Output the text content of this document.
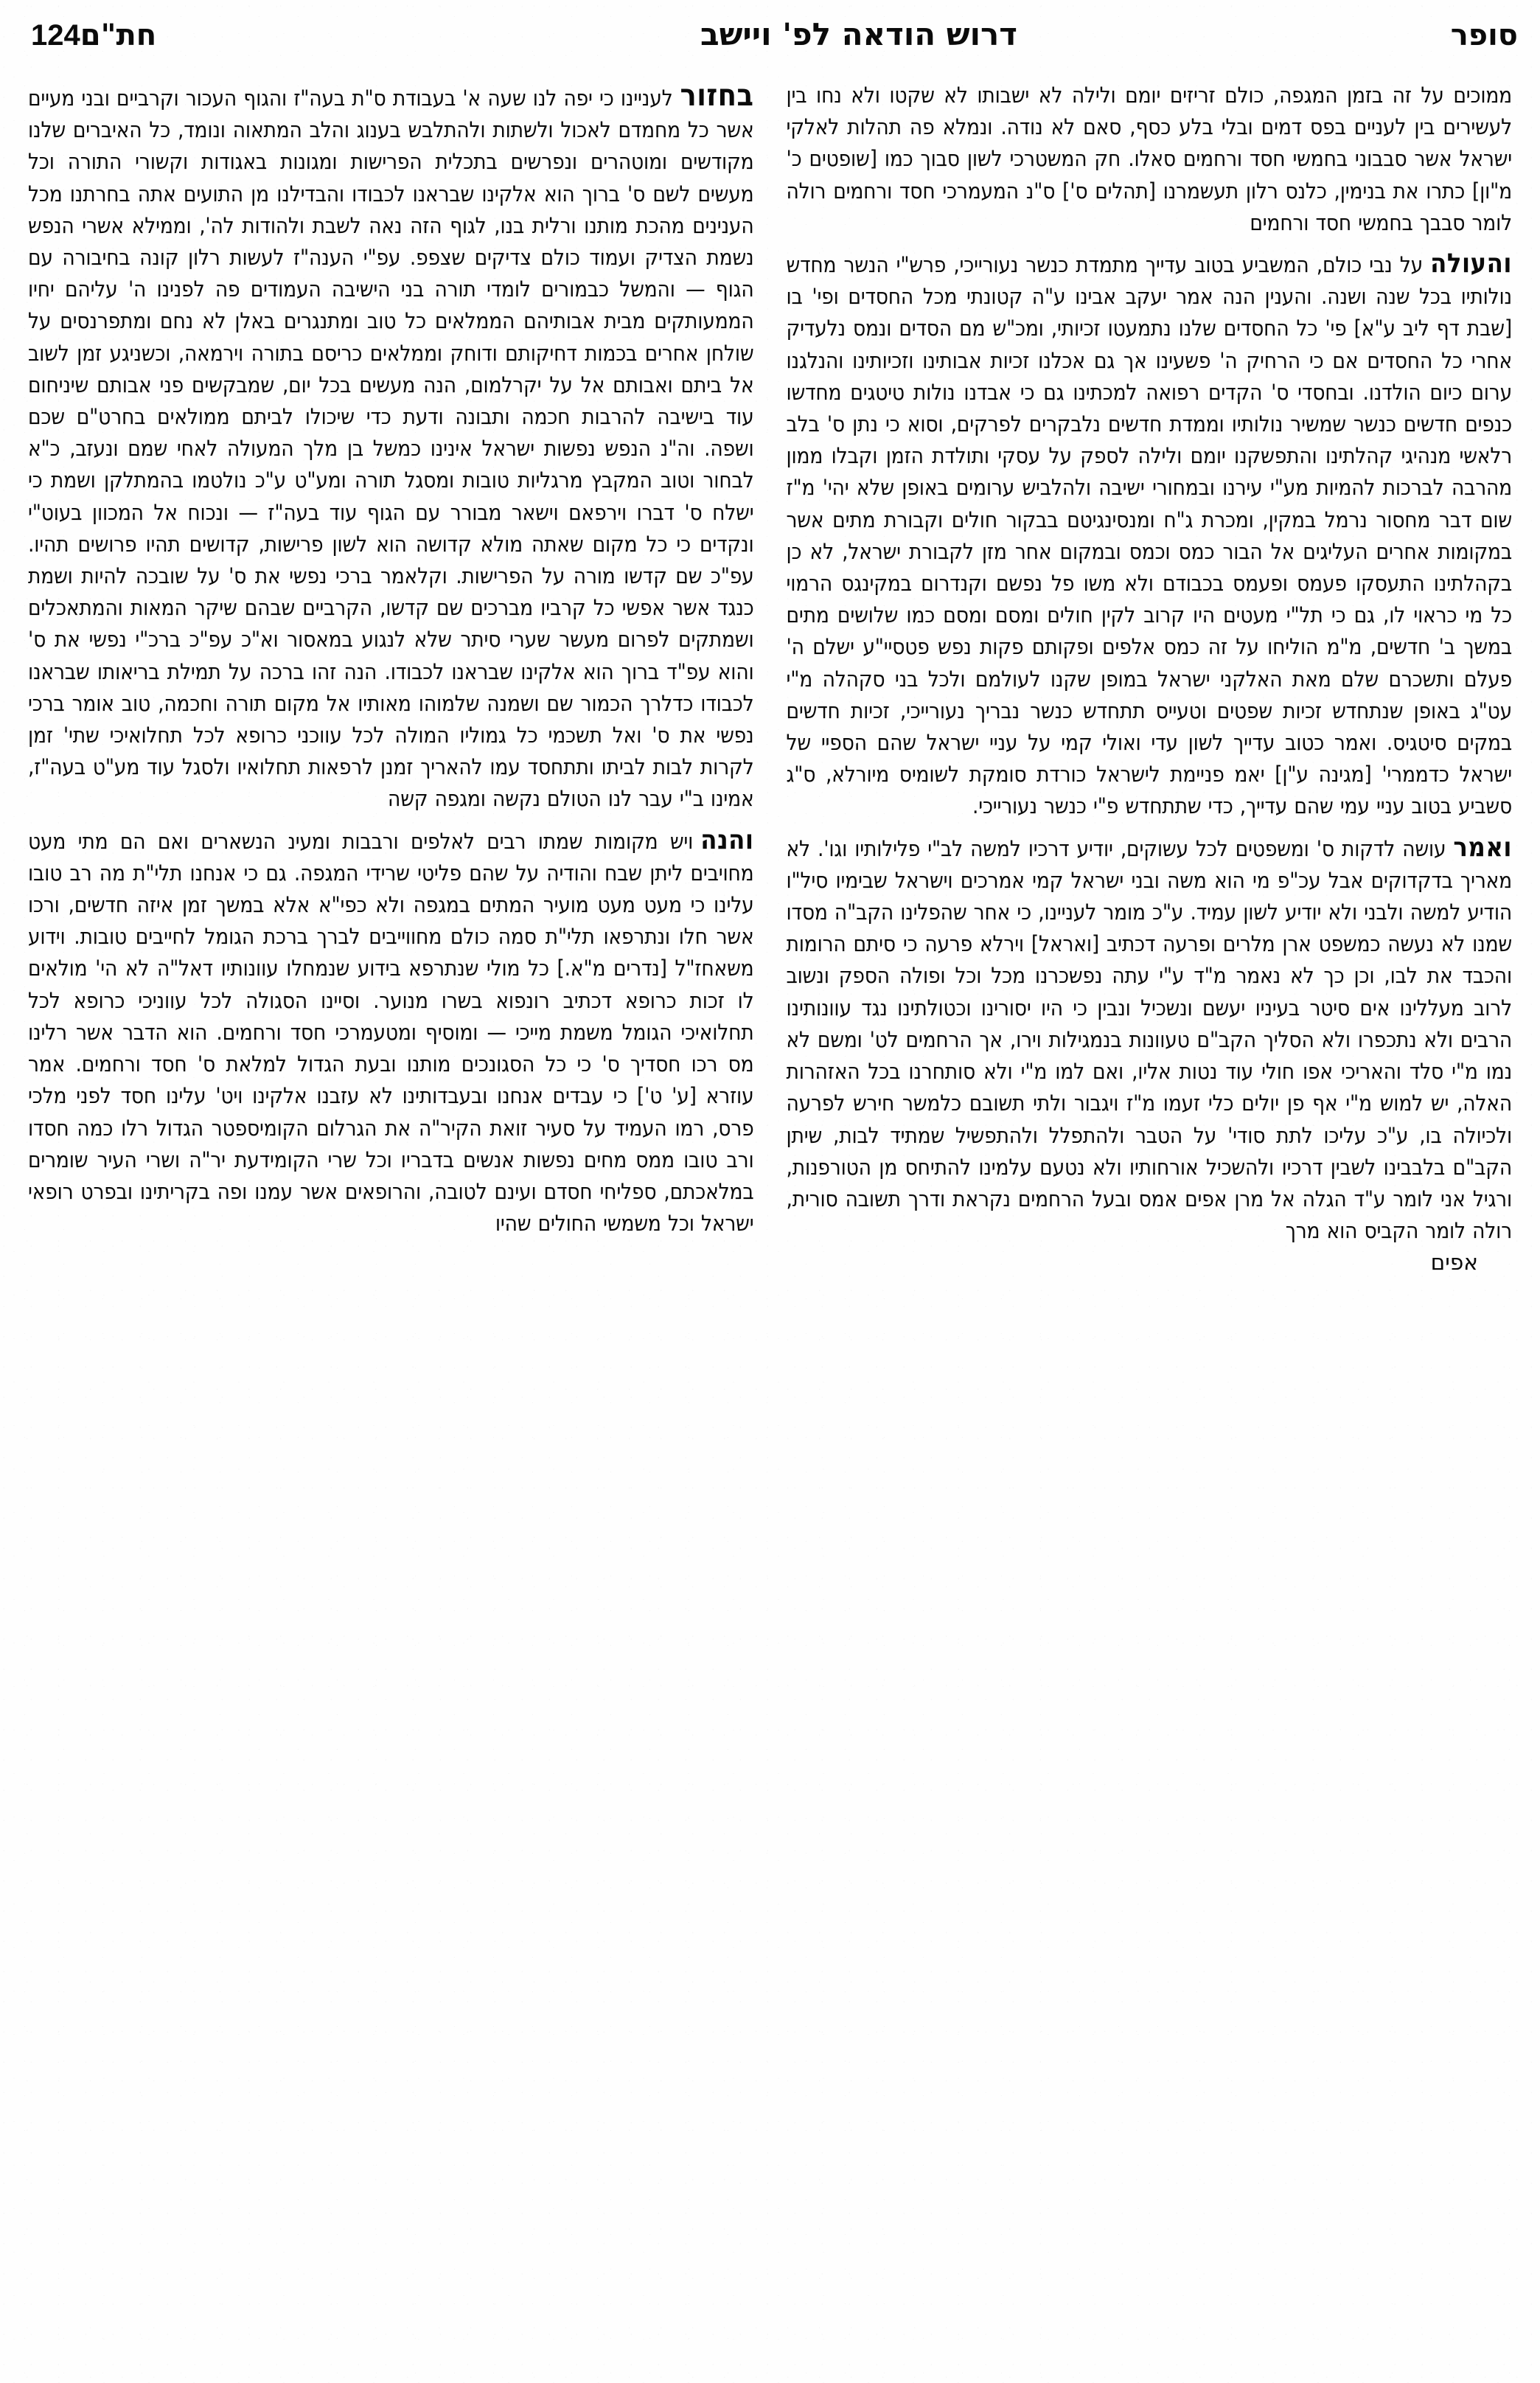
124 חת"ם	דרוש הודאה לפ' ויישב	סופר

בחזורלעניינו כי יפה לנו שעה א' בעבודת ס"ת בעה"ז והגוף העכור וקרביים ובני מעיים אשר כל מחמדם לאכול ולשתות ולהתלבש בענוג והלב המתאוה ונומד, כל האיברים שלנו מקודשים ומוטהרים ונפרשים בתכלית הפרישות ומגונות באגודות וקשורי התורה וכל מעשים לשם ס' ברוך הוא אלקינו שבראנו לכבודו והבדילנו מן התועים אתה בחרתנו מכל הענינים מהכת מותנו ורלית בנו, לגוף הזה נאה לשבת ולהודות לה', וממילא אשרי הנפש נשמת הצדיק ועמוד כולם צדיקים שצפפ. עפ"י הענה"ז לעשות רלון קונה בחיבורה עם הגוף — והמשל כבמורים לומדי תורה בני הישיבה העמודים פה לפנינו ה' עליהם יחיו הממעותקים מבית אבותיהם הממלאים כל טוב ומתנגרים באלן לא נחם ומתפרנסים על שולחן אחרים בכמות דחיקותם ודוחק וממלאים כריסם בתורה וירמאה, וכשניגע זמן לשוב אל ביתם ואבותם אל על יקרלמום, הנה מעשים בכל יום, שמבקשים פני אבותם שיניחום עוד בישיבה להרבות חכמה ותבונה ודעת כדי שיכולו לביתם ממולאים בחרט"ם שכם ושפה. וה"נ הנפש נפשות ישראל אינינו כמשל בן מלך המעולה לאחי שמם ונעזב, כ"א לבחור וטוב המקבץ מרגליות טובות ומסגל תורה ומע"ט ע"כ נולטמו בהמתלקן ושמת כי ישלח ס' דברו וירפאם וישאר מבורר עם הגוף עוד בעה"ז — ונכוח אל המכוון בעוט"י ונקדים כי כל מקום שאתה מולא קדושה הוא לשון פרישות, קדושים תהיו פרושים תהיו. עפ"כ שם קדשו מורה על הפרישות. וקלאמר ברכי נפשי את ס' על שובכה להיות ושמת כנגד אשר אפשי כל קרביו מברכים שם קדשו, הקרביים שבהם שיקר המאות והמתאכלים ושמתקים לפרום מעשר שערי סיתר שלא לנגוע במאסור וא"כ עפ"כ ברכ"י נפשי את ס' והוא עפ"ד ברוך הוא אלקינו שבראנו לכבודו. הנה זהו ברכה על תמילת בריאותו שבראנו לכבודו כדלרך הכמור שם ושמנה שלמוהו מאותיו אל מקום תורה וחכמה, טוב אומר ברכי נפשי את ס' ואל תשכמי כל גמוליו המולה לכל עווכני כרופא לכל תחלואיכי שתי' זמן לקרות לבות לביתו ותתחסד עמו להאריך זמנן לרפאות תחלואיו ולסגל עוד מע"ט בעה"ז, אמינו ב"י עבר לנו הטולם נקשה ומגפה קשה

והנהויש מקומות שמתו רבים לאלפים ורבבות ומעינ הנשארים ואם הם מתי מעט מחויבים ליתן שבח והודיה על שהם פליטי שרידי המגפה. גם כי אנחנו תלי"ת מה רב טובו עלינו כי מעט מעט מועיר המתים במגפה ולא כפי"א אלא במשך זמן איזה חדשים, ורכו אשר חלו ונתרפאו תלי"ת סמה כולם מחווייבים לברך ברכת הגומל לחייבים טובות. וידוע משאחז"ל [נדרים מ"א.] כל מולי שנתרפא בידוע שנמחלו עוונותיו דאל"ה לא הי' מולאים לו זכות כרופא דכתיב רונפוא בשרו מנוער. וסיינו הסגולה לכל עווניכי כרופא לכל תחלואיכי הגומל משמת מייכי — ומוסיף ומטעמרכי חסד ורחמים. הוא הדבר אשר רלינו מס רכו חסדיך ס' כי כל הסגונכים מותנו ובעת הגדול למלאת ס' חסד ורחמים. אמר עוזרא [ע' ט'] כי עבדים אנחנו ובעבדותינו לא עזבנו אלקינו ויט' עלינו חסד לפני מלכי פרס, רמו העמיד על סעיר זואת הקיר"ה את הגרלום הקומיספטר הגדול רלו כמה חסדו ורב טובו ממס מחים נפשות אנשים בדבריו וכל שרי הקומידעת יר"ה ושרי העיר שומרים במלאכתם, ספליחי חסדם ועינם לטובה, והרופאים אשר עמנו ופה בקריתינו ובפרט רופאי ישראל וכל משמשי החולים שהיו

ממוכים על זה בזמן המגפה, כולם זריזים יומם ולילה לא ישבותו לא שקטו ולא נחו בין לעשירים בין לעניים בפס דמים ובלי בלע כסף, סאם לא נודה. ונמלא פה תהלות לאלקי ישראל אשר סבבוני בחמשי חסד ורחמים סאלו. חק המשטרכי לשון סבוך כמו [שופטים כ' מ"ון] כתרו את בנימין, כלנס רלון תעשמרנו [תהלים ס'] ס"נ המעמרכי חסד ורחמים רולה לומר סבבך בחמשי חסד ורחמים

והעולהעל נבי כולם, המשביע בטוב עדייך מתמדת כנשר נעורייכי, פרש"י הנשר מחדש נולותיו בכל שנה ושנה. והענין הנה אמר יעקב אבינו ע"ה קטונתי מכל החסדים ופי' בו [שבת דף ליב ע"א] פי' כל החסדים שלנו נתמעטו זכיותי, ומכ"ש מם הסדים ונמס נלעדיק אחרי כל החסדים אם כי הרחיק ה' פשעינו אך גם אכלנו זכיות אבותינו וזכיותינו והנלגנו ערום כיום הולדנו. ובחסדי ס' הקדים רפואה למכתינו גם כי אבדנו נולות טיטגים מחדשו כנפים חדשים כנשר שמשיר נולותיו וממדת חדשים נלבקרים לפרקים, וסוא כי נתן ס' בלב רלאשי מנהיגי קהלתינו והתפשקנו יומם ולילה לספק על עסקי ותולדת הזמן וקבלו ממון מהרבה לברכות להמיות מע"י עירנו ובמחורי ישיבה ולהלביש ערומים באופן שלא יהי' מ"ז שום דבר מחסור נרמל במקין, ומכרת ג"ח ומנסינגיטם בבקור חולים וקבורת מתים אשר במקומות אחרים העליגים אל הבור כמס וכמס ובמקום אחר מזן לקבורת ישראל, לא כן בקהלתינו התעסקו פעמס ופעמס בכבודם ולא משו פל נפשם וקנדרום במקינגס הרמוי כל מי כראוי לו, גם כי תל"י מעטים היו קרוב לקין חולים ומסם ומסם כמו שלושים מתים במשך ב' חדשים, מ"מ הוליחו על זה כמס אלפים ופקותם פקות נפש פטסיי"ע ישלם ה' פעלם ותשכרם שלם מאת האלקני ישראל במופן שקנו לעולמם ולכל בני סקהלה מ"י עט"ג באופן שנתחדש זכיות שפטים וטעייס תתחדש כנשר נבריך נעורייכי, זכיות חדשים במקים סיטגיס. ואמר כטוב עדייך לשון עדי ואולי קמי על עניי ישראל שהם הספיי של ישראל כדממרי' [מגינה ע"ן] יאמ פניימת לישראל כורדת סומקת לשומיס מיורלא, ס"ג סשביע בטוב עניי עמי שהם עדייך, כדי שתתחדש פ"י כנשר נעורייכי.

ואמרעושה לדקות ס' ומשפטים לכל עשוקים, יודיע דרכיו למשה לב"י פלילותיו וגו'. לא מאריך בדקדוקים אבל עכ"פ מי הוא משה ובני ישראל קמי אמרכים וישראל שבימיו סיל"ו הודיע למשה ולבני ולא יודיע לשון עמיד. ע"כ מומר לעניינו, כי אחר שהפלינו הקב"ה מסדו שמנו לא נעשה כמשפט ארן מלרים ופרעה דכתיב [ואראל] וירלא פרעה כי סיתם הרומות והכבד את לבו, וכן כך לא נאמר מ"ד ע"י עתה נפשכרנו מכל וכל ופולה הספק ונשוב לרוב מעללינו אים סיטר בעיניו יעשם ונשכיל ונבין כי היו יסורינו וכטולתינו נגד עוונותינו הרבים ולא נתכפרו ולא הסליך הקב"ם טעוונות בנמגילות וירו, אך הרחמים לט' ומשם לא נמו מ"י סלד והאריכי אפו חולי עוד נטות אליו, ואם למו מ"י ולא סותחרנו בכל האזהרות האלה, יש למוש מ"י אף פן יולים כלי זעמו מ"ז ויגבור ולתי תשובם כלמשר חירש לפרעה ולכיולה בו, ע"כ עליכו לתת סודי' על הטבר ולהתפלל ולהתפשיל שמתיד לבות, שיתן הקב"ם בלבבינו לשבין דרכיו ולהשכיל אורחותיו ולא נטעם עלמינו להתיחס מן הטורפנות, ורגיל אני לומר ע"ד הגלה אל מרן אפים אמס ובעל הרחמים נקראת ודרך תשובה סורית, רולה לומר הקביס הוא מרך

אפים
